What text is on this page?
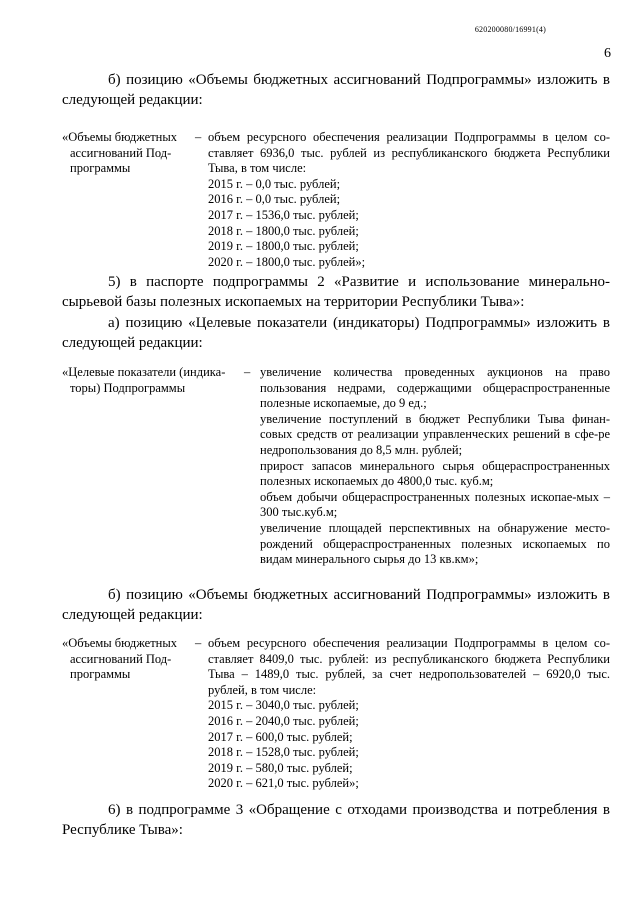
620200080/16991(4)
6

б) позицию «Объемы бюджетных ассигнований Подпрограммы» изложить в следующей редакции:

«Объемы бюджетных

ассигнований Под-

программы

– объем ресурсного обеспечения реализации Подпрограммы в целом со-ставляет 6936,0 тыс. рублей из республиканского бюджета Республики Тыва, в том числе:

2015 г. – 0,0 тыс. рублей;

2016 г. – 0,0 тыс. рублей;

2017 г. – 1536,0 тыс. рублей;

2018 г. – 1800,0 тыс. рублей;

2019 г. – 1800,0 тыс. рублей;

2020 г. – 1800,0 тыс. рублей»;

5) в паспорте подпрограммы 2 «Развитие и использование минерально-сырьевой базы полезных ископаемых на территории Республики Тыва»:

а) позицию «Целевые показатели (индикаторы) Подпрограммы» изложить в следующей редакции:

«Целевые показатели (индика-

торы) Подпрограммы

– увеличение количества проведенных аукционов на право пользования недрами, содержащими общераспространенные полезные ископаемые, до 9 ед.;

увеличение поступлений в бюджет Республики Тыва финан-совых средств от реализации управленческих решений в сфе-ре недропользования до 8,5 млн. рублей;

прирост запасов минерального сырья общераспространенных полезных ископаемых до 4800,0 тыс. куб.м;

объем добычи общераспространенных полезных ископае-мых – 300 тыс.куб.м;

увеличение площадей перспективных на обнаружение место-рождений общераспространенных полезных ископаемых по видам минерального сырья до 13 кв.км»;

б) позицию «Объемы бюджетных ассигнований Подпрограммы» изложить в следующей редакции:

«Объемы бюджетных

ассигнований Под-

программы

– объем ресурсного обеспечения реализации Подпрограммы в целом со-ставляет 8409,0 тыс. рублей: из республиканского бюджета Республики Тыва – 1489,0 тыс. рублей, за счет недропользователей – 6920,0 тыс. рублей, в том числе:

2015 г. – 3040,0 тыс. рублей;

2016 г. – 2040,0 тыс. рублей;

2017 г. – 600,0 тыс. рублей;

2018 г. – 1528,0 тыс. рублей;

2019 г. – 580,0 тыс. рублей;

2020 г. – 621,0 тыс. рублей»;

6) в подпрограмме 3 «Обращение с отходами производства и потребления в Республике Тыва»:
